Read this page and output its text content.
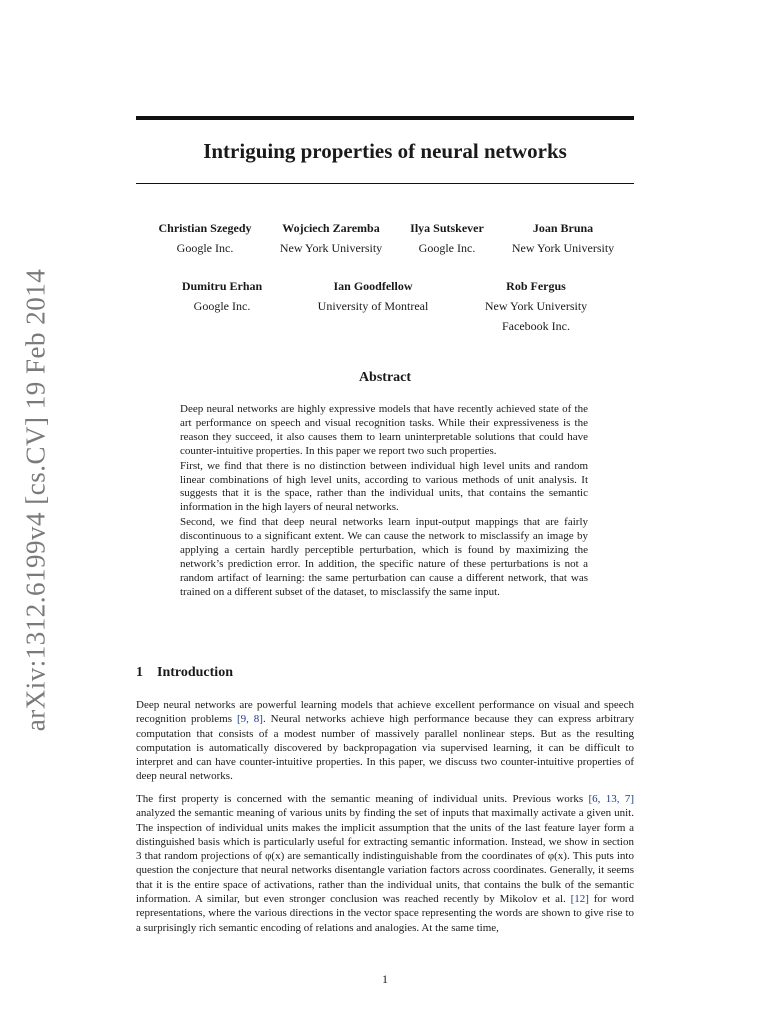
arXiv:1312.6199v4 [cs.CV] 19 Feb 2014
Intriguing properties of neural networks
Christian Szegedy
Google Inc.
Wojciech Zaremba
New York University
Ilya Sutskever
Google Inc.
Joan Bruna
New York University
Dumitru Erhan
Google Inc.
Ian Goodfellow
University of Montreal
Rob Fergus
New York University
Facebook Inc.
Abstract

Deep neural networks are highly expressive models that have recently achieved state of the art performance on speech and visual recognition tasks. While their expressiveness is the reason they succeed, it also causes them to learn uninterpretable solutions that could have counter-intuitive properties. In this paper we report two such properties.

First, we find that there is no distinction between individual high level units and random linear combinations of high level units, according to various methods of unit analysis. It suggests that it is the space, rather than the individual units, that contains the semantic information in the high layers of neural networks.

Second, we find that deep neural networks learn input-output mappings that are fairly discontinuous to a significant extent. We can cause the network to misclassify an image by applying a certain hardly perceptible perturbation, which is found by maximizing the network’s prediction error. In addition, the specific nature of these perturbations is not a random artifact of learning: the same perturbation can cause a different network, that was trained on a different subset of the dataset, to misclassify the same input.

1 Introduction

Deep neural networks are powerful learning models that achieve excellent performance on visual and speech recognition problems [9, 8]. Neural networks achieve high performance because they can express arbitrary computation that consists of a modest number of massively parallel nonlinear steps. But as the resulting computation is automatically discovered by backpropagation via supervised learning, it can be difficult to interpret and can have counter-intuitive properties. In this paper, we discuss two counter-intuitive properties of deep neural networks.

The first property is concerned with the semantic meaning of individual units. Previous works [6, 13, 7] analyzed the semantic meaning of various units by finding the set of inputs that maximally activate a given unit. The inspection of individual units makes the implicit assumption that the units of the last feature layer form a distinguished basis which is particularly useful for extracting semantic information. Instead, we show in section 3 that random projections of φ(x) are semantically indistinguishable from the coordinates of φ(x). This puts into question the conjecture that neural networks disentangle variation factors across coordinates. Generally, it seems that it is the entire space of activations, rather than the individual units, that contains the bulk of the semantic information. A similar, but even stronger conclusion was reached recently by Mikolov et al. [12] for word representations, where the various directions in the vector space representing the words are shown to give rise to a surprisingly rich semantic encoding of relations and analogies. At the same time,

1
